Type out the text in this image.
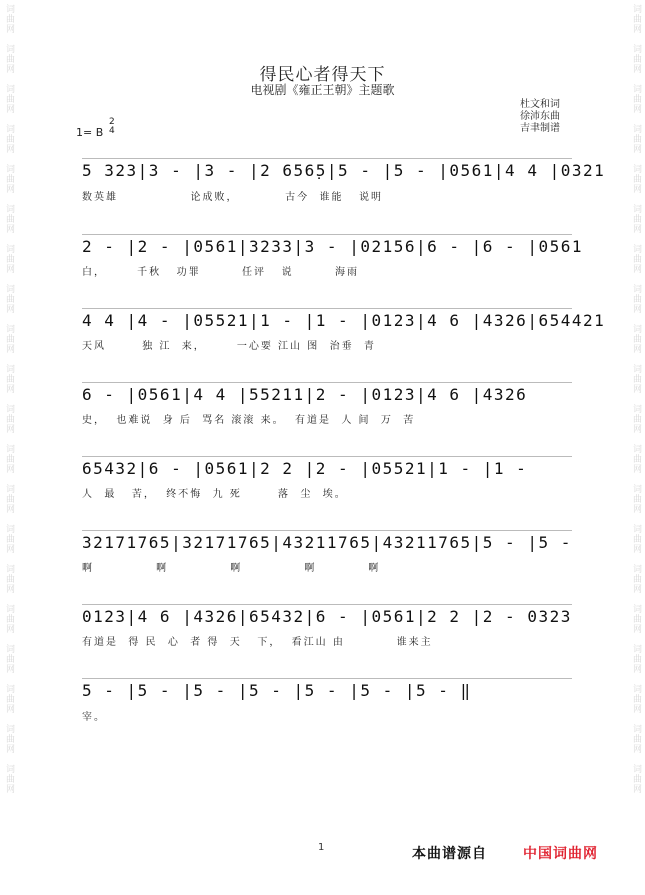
词曲网
词曲网
词曲网
词曲网
词曲网
词曲网
词曲网
词曲网
词曲网
词曲网
词曲网
词曲网
词曲网
词曲网
词曲网
词曲网
词曲网
词曲网
词曲网
词曲网
词曲网
词曲网
词曲网
词曲网
词曲网
词曲网
词曲网
词曲网
词曲网
词曲网
词曲网
词曲网
词曲网
词曲网
词曲网
词曲网
词曲网
词曲网
词曲网
词曲网
得民心者得天下
电视剧《雍正王朝》主题歌
杜文和词
徐沛东曲
吉聿制谱
1= B
2
4
5 323|3 - |3 - |2 656̣5|5 - |5 - |0561|4 4 |0321
数英雄              论成败，         古今  谁能   说明
2 - |2 - |0561|3233|3 - |02156|6 - |6 - |0561
白，      千秋   功罪        任评   说        海雨
4 4 |4 - |05521|1 - |1 - |0123|4 6 |4326|654421
天风       独 江  来，      一心要 江山 图  治垂  青
6 - |0561|4 4 |55211|2 - |0123|4 6 |4326
史，  也难说  身 后  骂名 滚滚 来。  有道是  人 间  万  苦
65432|6 - |0561|2 2 |2 - |05521|1 - |1 -
人  最   苦，  终不悔  九 死       落  尘  埃。
32171765|32171765|43211765|43211765|5 - |5 -
啊            啊            啊            啊          啊
0123|4 6 |4326|65432|6 - |0561|2 2 |2 - 0323
有道是  得 民  心  者 得  天   下，  看江山 由          谁来主
5 - |5 - |5 - |5 - |5 - |5 - |5 - ‖
宰。
1	本曲谱源自	中国词曲网
